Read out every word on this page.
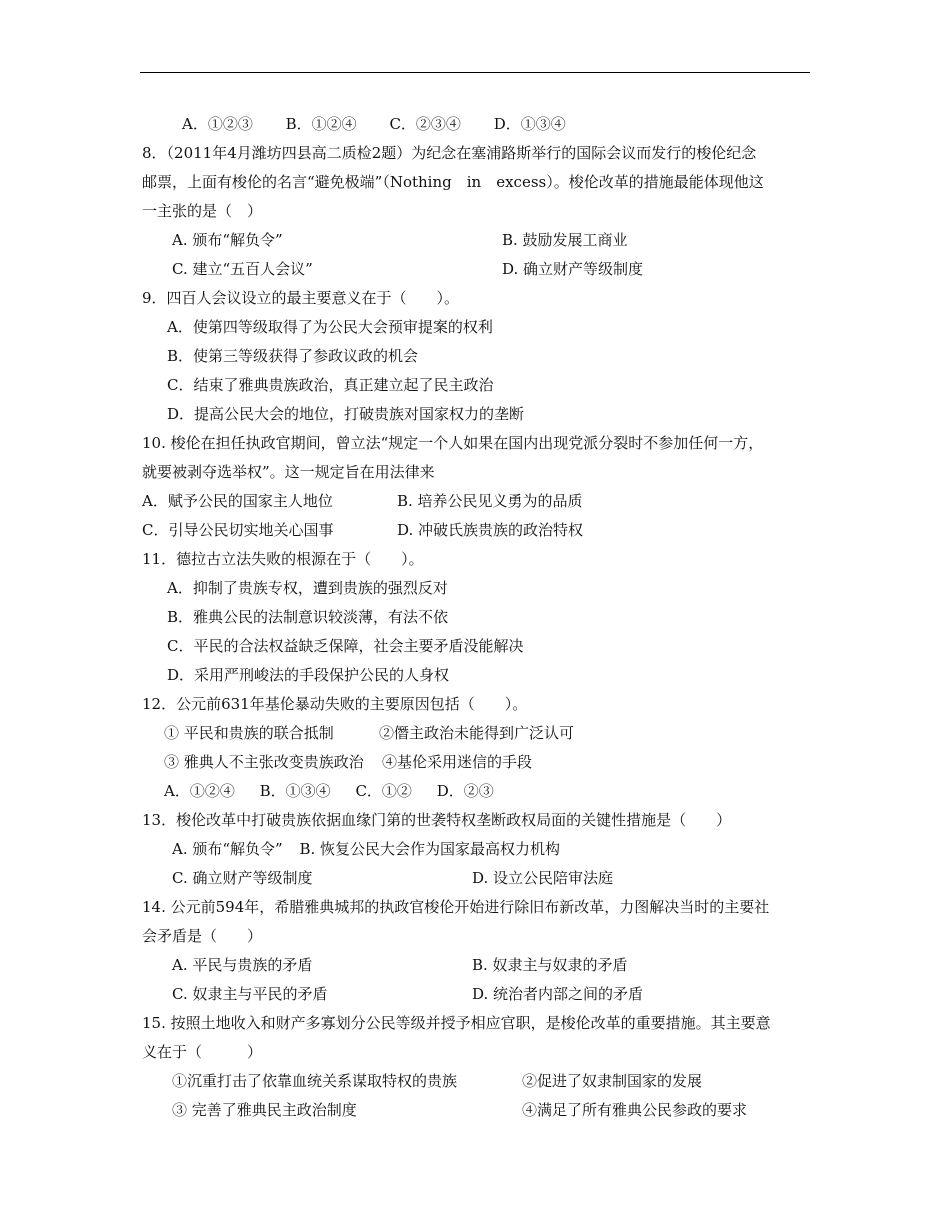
A．①②③ B．①②④ C．②③④ D．①③④
8．（2011年4月潍坊四县高二质检2题）为纪念在塞浦路斯举行的国际会议而发行的梭伦纪念
邮票，上面有梭伦的名言“避免极端”（Nothing　in　excess）。梭伦改革的措施最能体现他这
一主张的是（　）
A. 颁布“解负令”	B. 鼓励发展工商业
C. 建立“五百人会议”	D. 确立财产等级制度
9．四百人会议设立的最主要意义在于（　　）。
A．使第四等级取得了为公民大会预审提案的权利
B．使第三等级获得了参政议政的机会
C．结束了雅典贵族政治，真正建立起了民主政治
D．提高公民大会的地位，打破贵族对国家权力的垄断
10. 梭伦在担任执政官期间，曾立法“规定一个人如果在国内出现党派分裂时不参加任何一方，
就要被剥夺选举权”。这一规定旨在用法律来
A．赋予公民的国家主人地位	B. 培养公民见义勇为的品质
C．引导公民切实地关心国事	D. 冲破氏族贵族的政治特权
11．德拉古立法失败的根源在于（　　）。
A．抑制了贵族专权，遭到贵族的强烈反对
B．雅典公民的法制意识较淡薄，有法不依
C．平民的合法权益缺乏保障，社会主要矛盾没能解决
D．采用严刑峻法的手段保护公民的人身权
12．公元前631年基伦暴动失败的主要原因包括（　　）。
① 平民和贵族的联合抵制	②僭主政治未能得到广泛认可
③ 雅典人不主张改变贵族政治	④基伦采用迷信的手段
A．①②④ B．①③④ C．①② D．②③
13．梭伦改革中打破贵族依据血缘门第的世袭特权垄断政权局面的关键性措施是（　　）
A. 颁布“解负令” B. 恢复公民大会作为国家最高权力机构
C. 确立财产等级制度	D. 设立公民陪审法庭
14. 公元前594年，希腊雅典城邦的执政官梭伦开始进行除旧布新改革，力图解决当时的主要社
会矛盾是（　　）
A. 平民与贵族的矛盾	B. 奴隶主与奴隶的矛盾
C. 奴隶主与平民的矛盾	D. 统治者内部之间的矛盾
15. 按照土地收入和财产多寡划分公民等级并授予相应官职，是梭伦改革的重要措施。其主要意
义在于（　　　）
①沉重打击了依靠血统关系谋取特权的贵族	②促进了奴隶制国家的发展
③ 完善了雅典民主政治制度	④满足了所有雅典公民参政的要求
